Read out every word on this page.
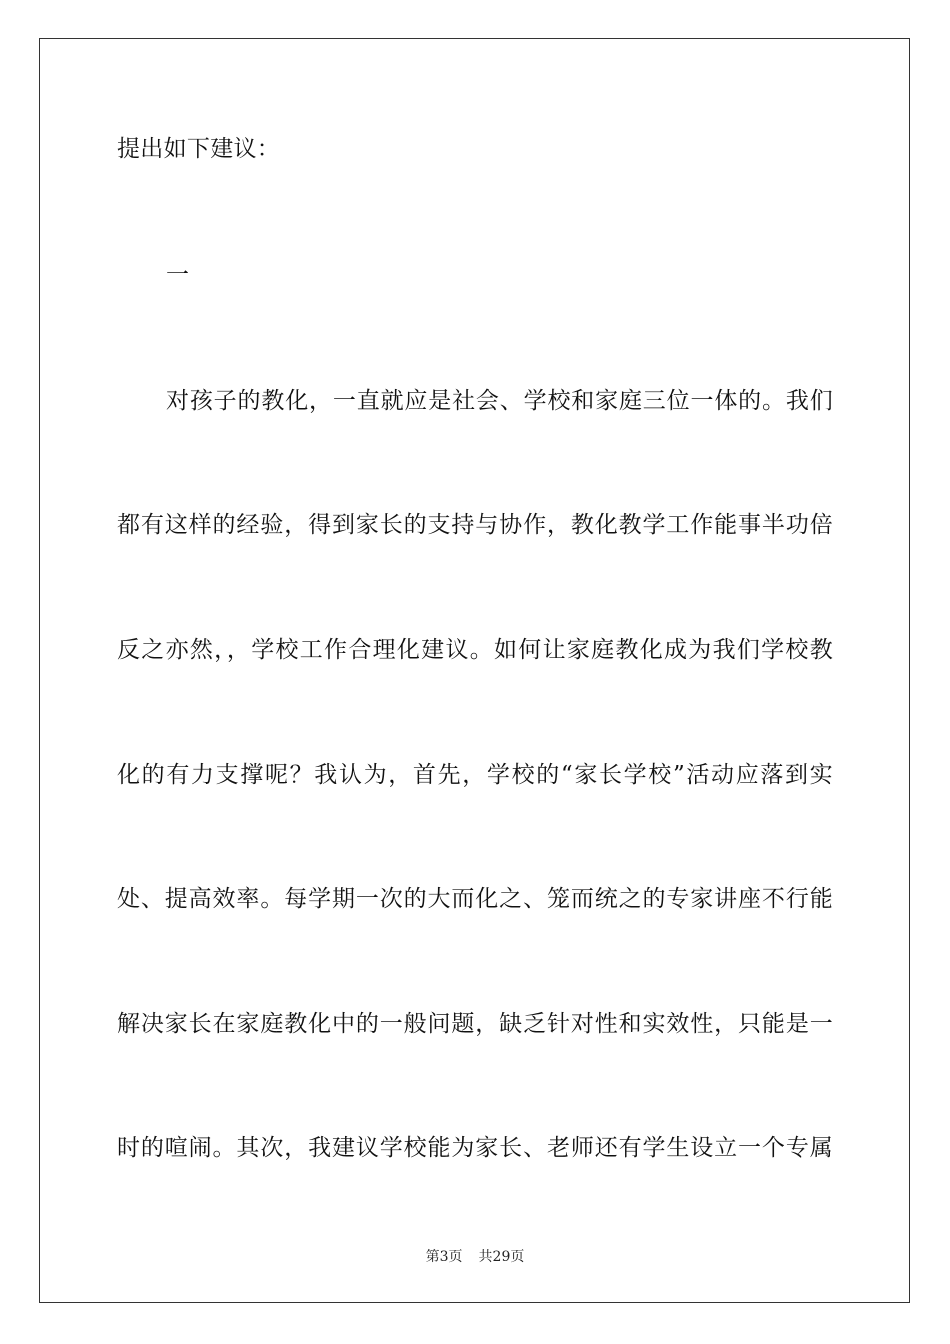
提出如下建议：
一
对孩子的教化，一直就应是社会、学校和家庭三位一体的。我们
都有这样的经验，得到家长的支持与协作，教化教学工作能事半功倍
反之亦然，，学校工作合理化建议。如何让家庭教化成为我们学校教
化的有力支撑呢？我认为，首先，学校的“家长学校”活动应落到实
处、提高效率。每学期一次的大而化之、笼而统之的专家讲座不行能
解决家长在家庭教化中的一般问题，缺乏针对性和实效性，只能是一
时的喧闹。其次，我建议学校能为家长、老师还有学生设立一个专属
第3页 共29页
